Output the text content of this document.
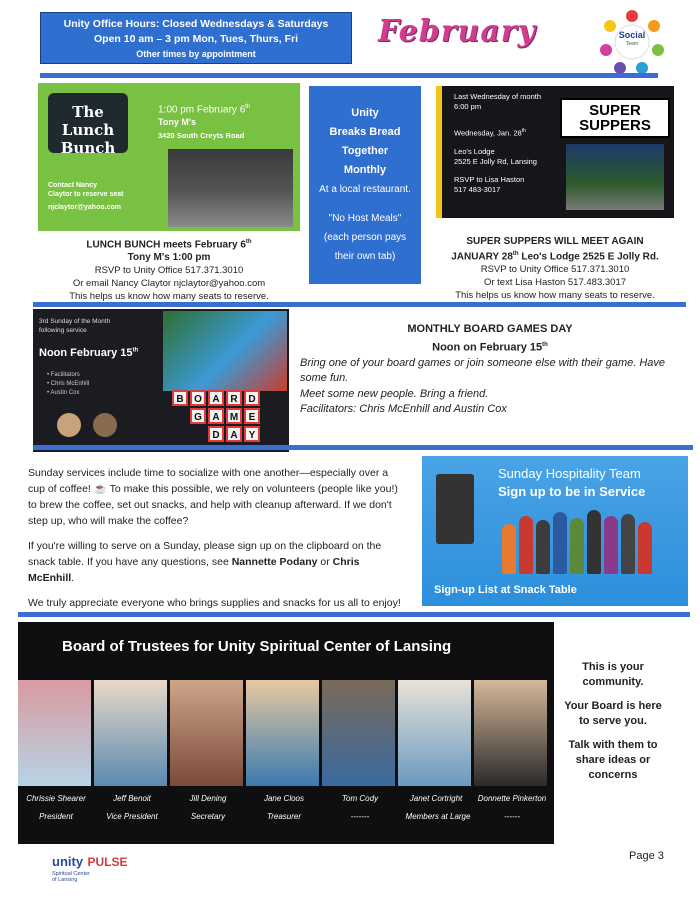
Unity Office Hours: Closed Wednesdays & Saturdays
Open 10 am – 3 pm Mon, Tues, Thurs, Fri
Other times by appointment
February	Social
Team
The Lunch Bunch
1:00 pm February 6th
Tony M's
3420 South Creyts Road
Contact Nancy
Claytor to reserve seat
njclaytor@yahoo.com
LUNCH BUNCH meets February 6th
Tony M's 1:00 pm
RSVP to Unity Office 517.371.3010
Or email Nancy Claytor njclaytor@yahoo.com
This helps us know how many seats to reserve.
Unity
Breaks Bread
Together
Monthly
At a local restaurant.
"No Host Meals"
(each person pays
their own tab)
Last Wednesday of month
6:00 pm
Wednesday, Jan. 28th
Leo's Lodge
2525 E Jolly Rd, Lansing
RSVP to Lisa Haston
517 483-3017
SUPER
SUPPERS
SUPER SUPPERS WILL MEET AGAIN
JANUARY 28th Leo's Lodge 2525 E Jolly Rd.
RSVP to Unity Office 517.371.3010
Or text Lisa Haston 517.483.3017
This helps us know how many seats to reserve.
3rd Sunday of the Month
following service
Noon February 15th
• Facilitators
• Chris McEnhill
• Austin Cox
B O A R D
G A M E
D A Y
MONTHLY BOARD GAMES DAY
Noon on February 15th
Bring one of your board games or join someone else with their game. Have some fun.
Meet some new people. Bring a friend.
Facilitators: Chris McEnhill and Austin Cox

Sunday services include time to socialize with one another—especially over a cup of coffee! ☕ To make this possible, we rely on volunteers (people like you!) to brew the coffee, set out snacks, and help with cleanup afterward. If we don't step up, who will make the coffee?

If you're willing to serve on a Sunday, please sign up on the clipboard on the snack table. If you have any questions, see Nannette Podany or Chris McEnhill.

We truly appreciate everyone who brings supplies and snacks for us all to enjoy!

Sunday Hospitality Team
Sign up to be in Service
Sign-up List at Snack Table
Board of Trustees for Unity Spiritual Center of Lansing
Chrissie Shearer	Jeff Benoit	Jill Dening	Jane Cloos	Tom Cody	Janet Cortright	Donnette Pinkerton
President	Vice President	Secretary	Treasurer	-------	Members at Large	------

This is your community.

Your Board is here to serve you.

Talk with them to share ideas or concerns

unity PULSE
Spiritual Center
of Lansing
Page 3
